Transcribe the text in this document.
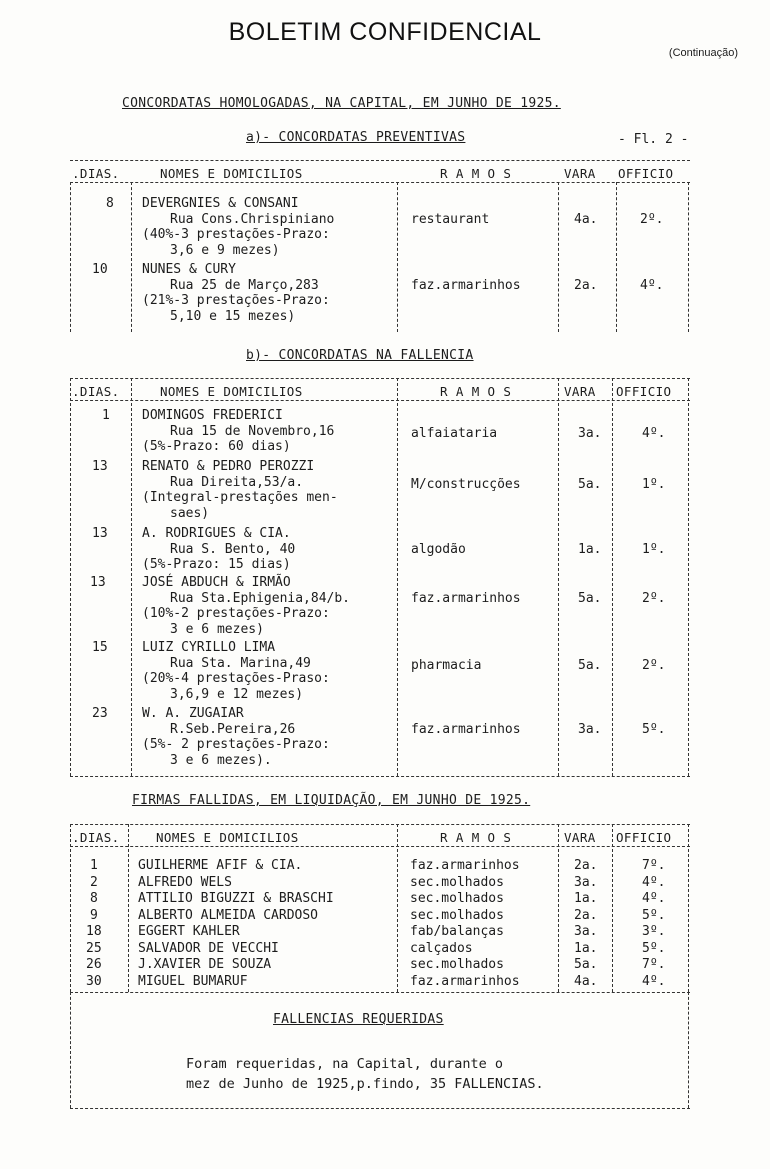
BOLETIM CONFIDENCIAL
(Continuação)
CONCORDATAS HOMOLOGADAS, NA CAPITAL, EM JUNHO DE 1925.
a)- CONCORDATAS PREVENTIVAS	- Fl. 2 -
.DIAS.	NOMES E DOMICILIOS	R A M O S	VARA OFFICIO
8 DEVERGNIES & CONSANI
Rua Cons.Chrispiniano
(40%-3 prestações-Prazo:
3,6 e 9 mezes)
restaurant	4a.	2º.
10	NUNES & CURY
Rua 25 de Março,283
(21%-3 prestações-Prazo:
5,10 e 15 mezes)
faz.armarinhos	2a.	4º.
b)- CONCORDATAS NA FALLENCIA
.DIAS.	NOMES E DOMICILIOS	R A M O S	VARA OFFICIO
1 DOMINGOS FREDERICI
Rua 15 de Novembro,16
(5%-Prazo: 60 dias)
alfaiataria	3a.	4º.
13	RENATO & PEDRO PEROZZI
Rua Direita,53/a.
(Integral-prestações men-
saes)
M/construcções	5a.	1º.
13	A. RODRIGUES & CIA.
Rua S. Bento, 40
(5%-Prazo: 15 dias)
algodão	1a.	1º.
13	JOSÉ ABDUCH & IRMÃO
Rua Sta.Ephigenia,84/b.
(10%-2 prestações-Prazo:
3 e 6 mezes)
faz.armarinhos	5a.	2º.
15	LUIZ CYRILLO LIMA
Rua Sta. Marina,49
(20%-4 prestações-Praso:
3,6,9 e 12 mezes)
pharmacia	5a.	2º.
23	W. A. ZUGAIAR
R.Seb.Pereira,26
(5%- 2 prestações-Prazo:
3 e 6 mezes).
faz.armarinhos	3a.	5º.
FIRMAS FALLIDAS, EM LIQUIDAÇÃO, EM JUNHO DE 1925.
.DIAS.	NOMES E DOMICILIOS	R A M O S	VARA OFFICIO
1	GUILHERME AFIF & CIA.	faz.armarinhos	2a.	7º.
2	ALFREDO WELS	sec.molhados	3a.	4º.
8	ATTILIO BIGUZZI & BRASCHI	sec.molhados	1a.	4º.
9	ALBERTO ALMEIDA CARDOSO	sec.molhados	2a.	5º.
18	EGGERT KAHLER	fab/balanças	3a.	3º.
25	SALVADOR DE VECCHI	calçados	1a.	5º.
26	J.XAVIER DE SOUZA	sec.molhados	5a.	7º.
30	MIGUEL BUMARUF	faz.armarinhos	4a.	4º.
FALLENCIAS REQUERIDAS
Foram requeridas, na Capital, durante o
mez de Junho de 1925,p.findo, 35 FALLENCIAS.
